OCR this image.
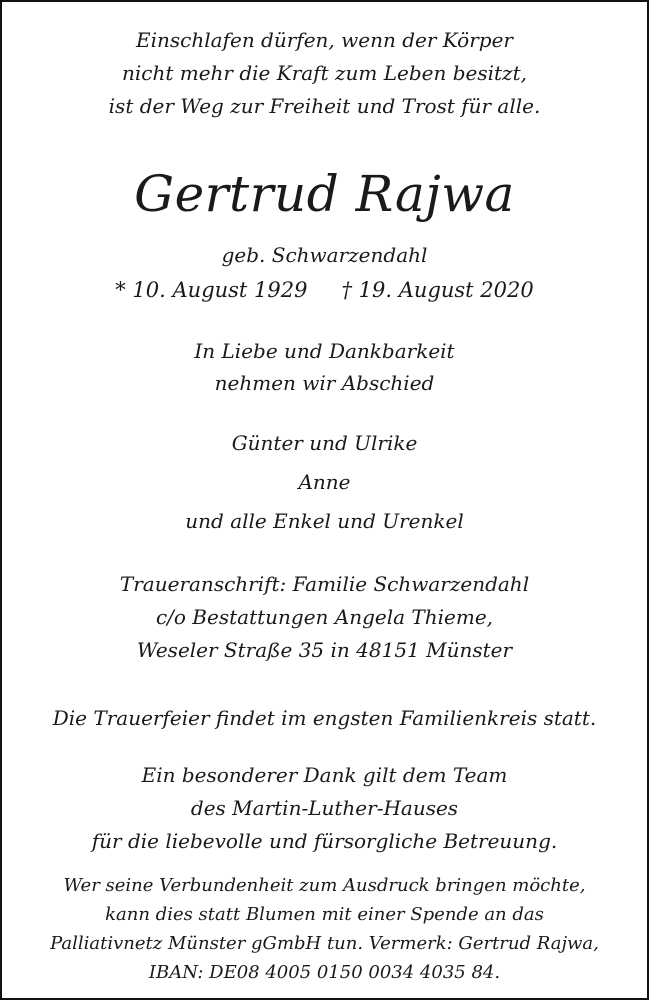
Einschlafen dürfen, wenn der Körper
nicht mehr die Kraft zum Leben besitzt,
ist der Weg zur Freiheit und Trost für alle.
Gertrud Rajwa
geb. Schwarzendahl
* 10. August 1929 † 19. August 2020
In Liebe und Dankbarkeit
nehmen wir Abschied
Günter und Ulrike
Anne
und alle Enkel und Urenkel
Traueranschrift: Familie Schwarzendahl
c/o Bestattungen Angela Thieme,
Weseler Straße 35 in 48151 Münster
Die Trauerfeier findet im engsten Familienkreis statt.
Ein besonderer Dank gilt dem Team
des Martin-Luther-Hauses
für die liebevolle und fürsorgliche Betreuung.
Wer seine Verbundenheit zum Ausdruck bringen möchte,
kann dies statt Blumen mit einer Spende an das
Palliativnetz Münster gGmbH tun. Vermerk: Gertrud Rajwa,
IBAN: DE08 4005 0150 0034 4035 84.
